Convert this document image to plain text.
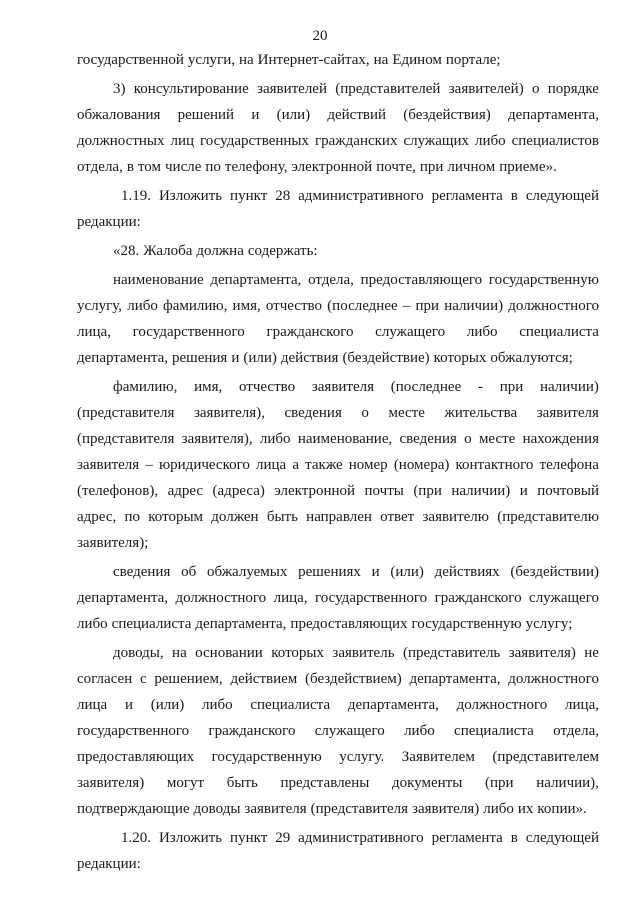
20
государственной услуги, на Интернет-сайтах, на Едином портале;
3) консультирование заявителей (представителей заявителей) о порядке
обжалования решений и (или) действий (бездействия) департамента,
должностных лиц государственных гражданских служащих либо специалистов
отдела, в том числе по телефону, электронной почте, при личном приеме».
1.19. Изложить пункт 28 административного регламента в следующей
редакции:
«28. Жалоба должна содержать:
наименование департамента, отдела, предоставляющего государственную
услугу, либо фамилию, имя, отчество (последнее – при наличии) должностного
лица, государственного гражданского служащего либо специалиста
департамента, решения и (или) действия (бездействие) которых обжалуются;
фамилию, имя, отчество заявителя (последнее - при наличии)
(представителя заявителя), сведения о месте жительства заявителя
(представителя заявителя), либо наименование, сведения о месте нахождения
заявителя – юридического лица а также номер (номера) контактного телефона
(телефонов), адрес (адреса) электронной почты (при наличии) и почтовый
адрес, по которым должен быть направлен ответ заявителю (представителю
заявителя);
сведения об обжалуемых решениях и (или) действиях (бездействии)
департамента, должностного лица, государственного гражданского служащего
либо специалиста департамента, предоставляющих государственную услугу;
доводы, на основании которых заявитель (представитель заявителя) не
согласен с решением, действием (бездействием) департамента, должностного
лица и (или) либо специалиста департамента, должностного лица,
государственного гражданского служащего либо специалиста отдела,
предоставляющих государственную услугу. Заявителем (представителем
заявителя) могут быть представлены документы (при наличии),
подтверждающие доводы заявителя (представителя заявителя) либо их копии».
1.20. Изложить пункт 29 административного регламента в следующей
редакции:
